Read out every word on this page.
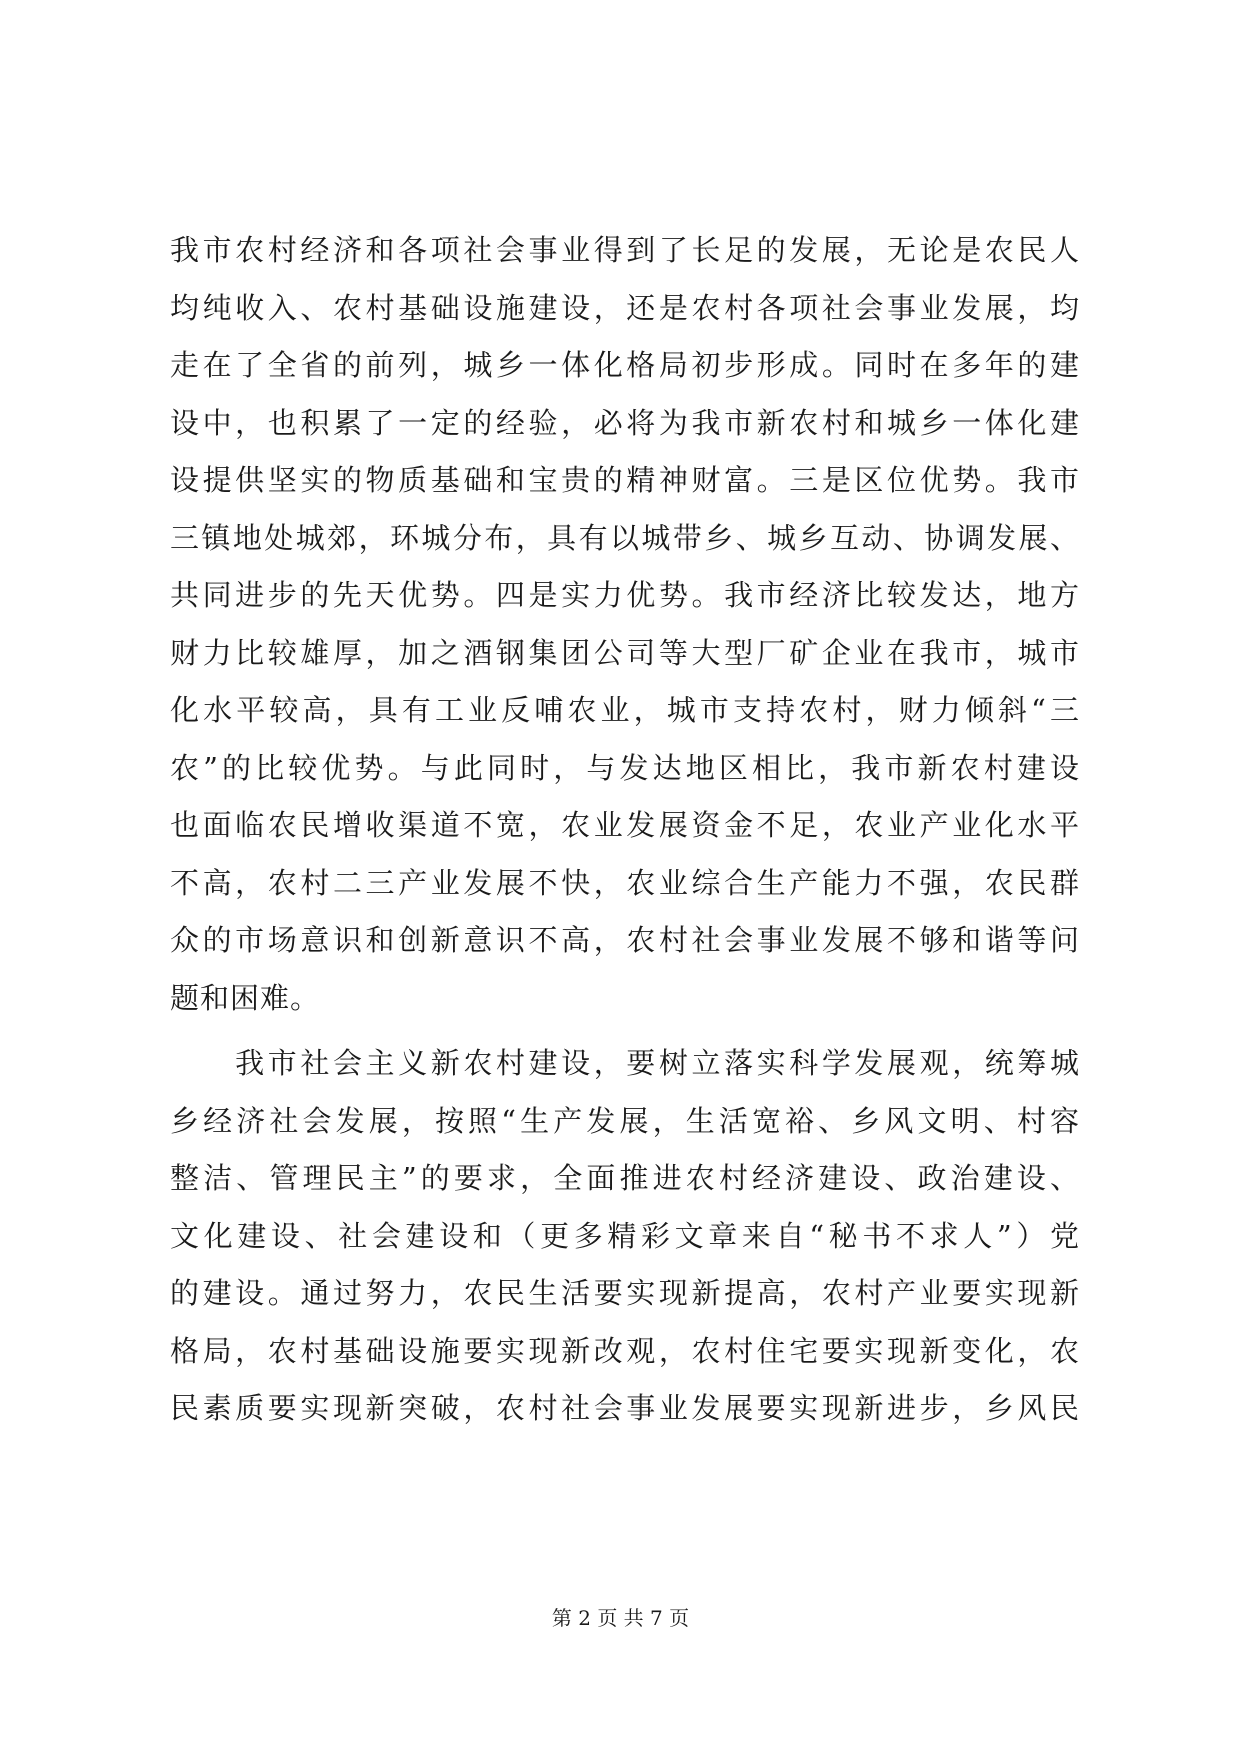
我市农村经济和各项社会事业得到了长足的发展，无论是农民人
均纯收入、农村基础设施建设，还是农村各项社会事业发展，均
走在了全省的前列，城乡一体化格局初步形成。同时在多年的建
设中，也积累了一定的经验，必将为我市新农村和城乡一体化建
设提供坚实的物质基础和宝贵的精神财富。三是区位优势。我市
三镇地处城郊，环城分布，具有以城带乡、城乡互动、协调发展、
共同进步的先天优势。四是实力优势。我市经济比较发达，地方
财力比较雄厚，加之酒钢集团公司等大型厂矿企业在我市，城市
化水平较高，具有工业反哺农业，城市支持农村，财力倾斜“三
农”的比较优势。与此同时，与发达地区相比，我市新农村建设
也面临农民增收渠道不宽，农业发展资金不足，农业产业化水平
不高，农村二三产业发展不快，农业综合生产能力不强，农民群
众的市场意识和创新意识不高，农村社会事业发展不够和谐等问
题和困难。
　　我市社会主义新农村建设，要树立落实科学发展观，统筹城
乡经济社会发展，按照“生产发展，生活宽裕、乡风文明、村容
整洁、管理民主”的要求，全面推进农村经济建设、政治建设、
文化建设、社会建设和（更多精彩文章来自“秘书不求人”）党
的建设。通过努力，农民生活要实现新提高，农村产业要实现新
格局，农村基础设施要实现新改观，农村住宅要实现新变化，农
民素质要实现新突破，农村社会事业发展要实现新进步，乡风民
第 2 页 共 7 页
